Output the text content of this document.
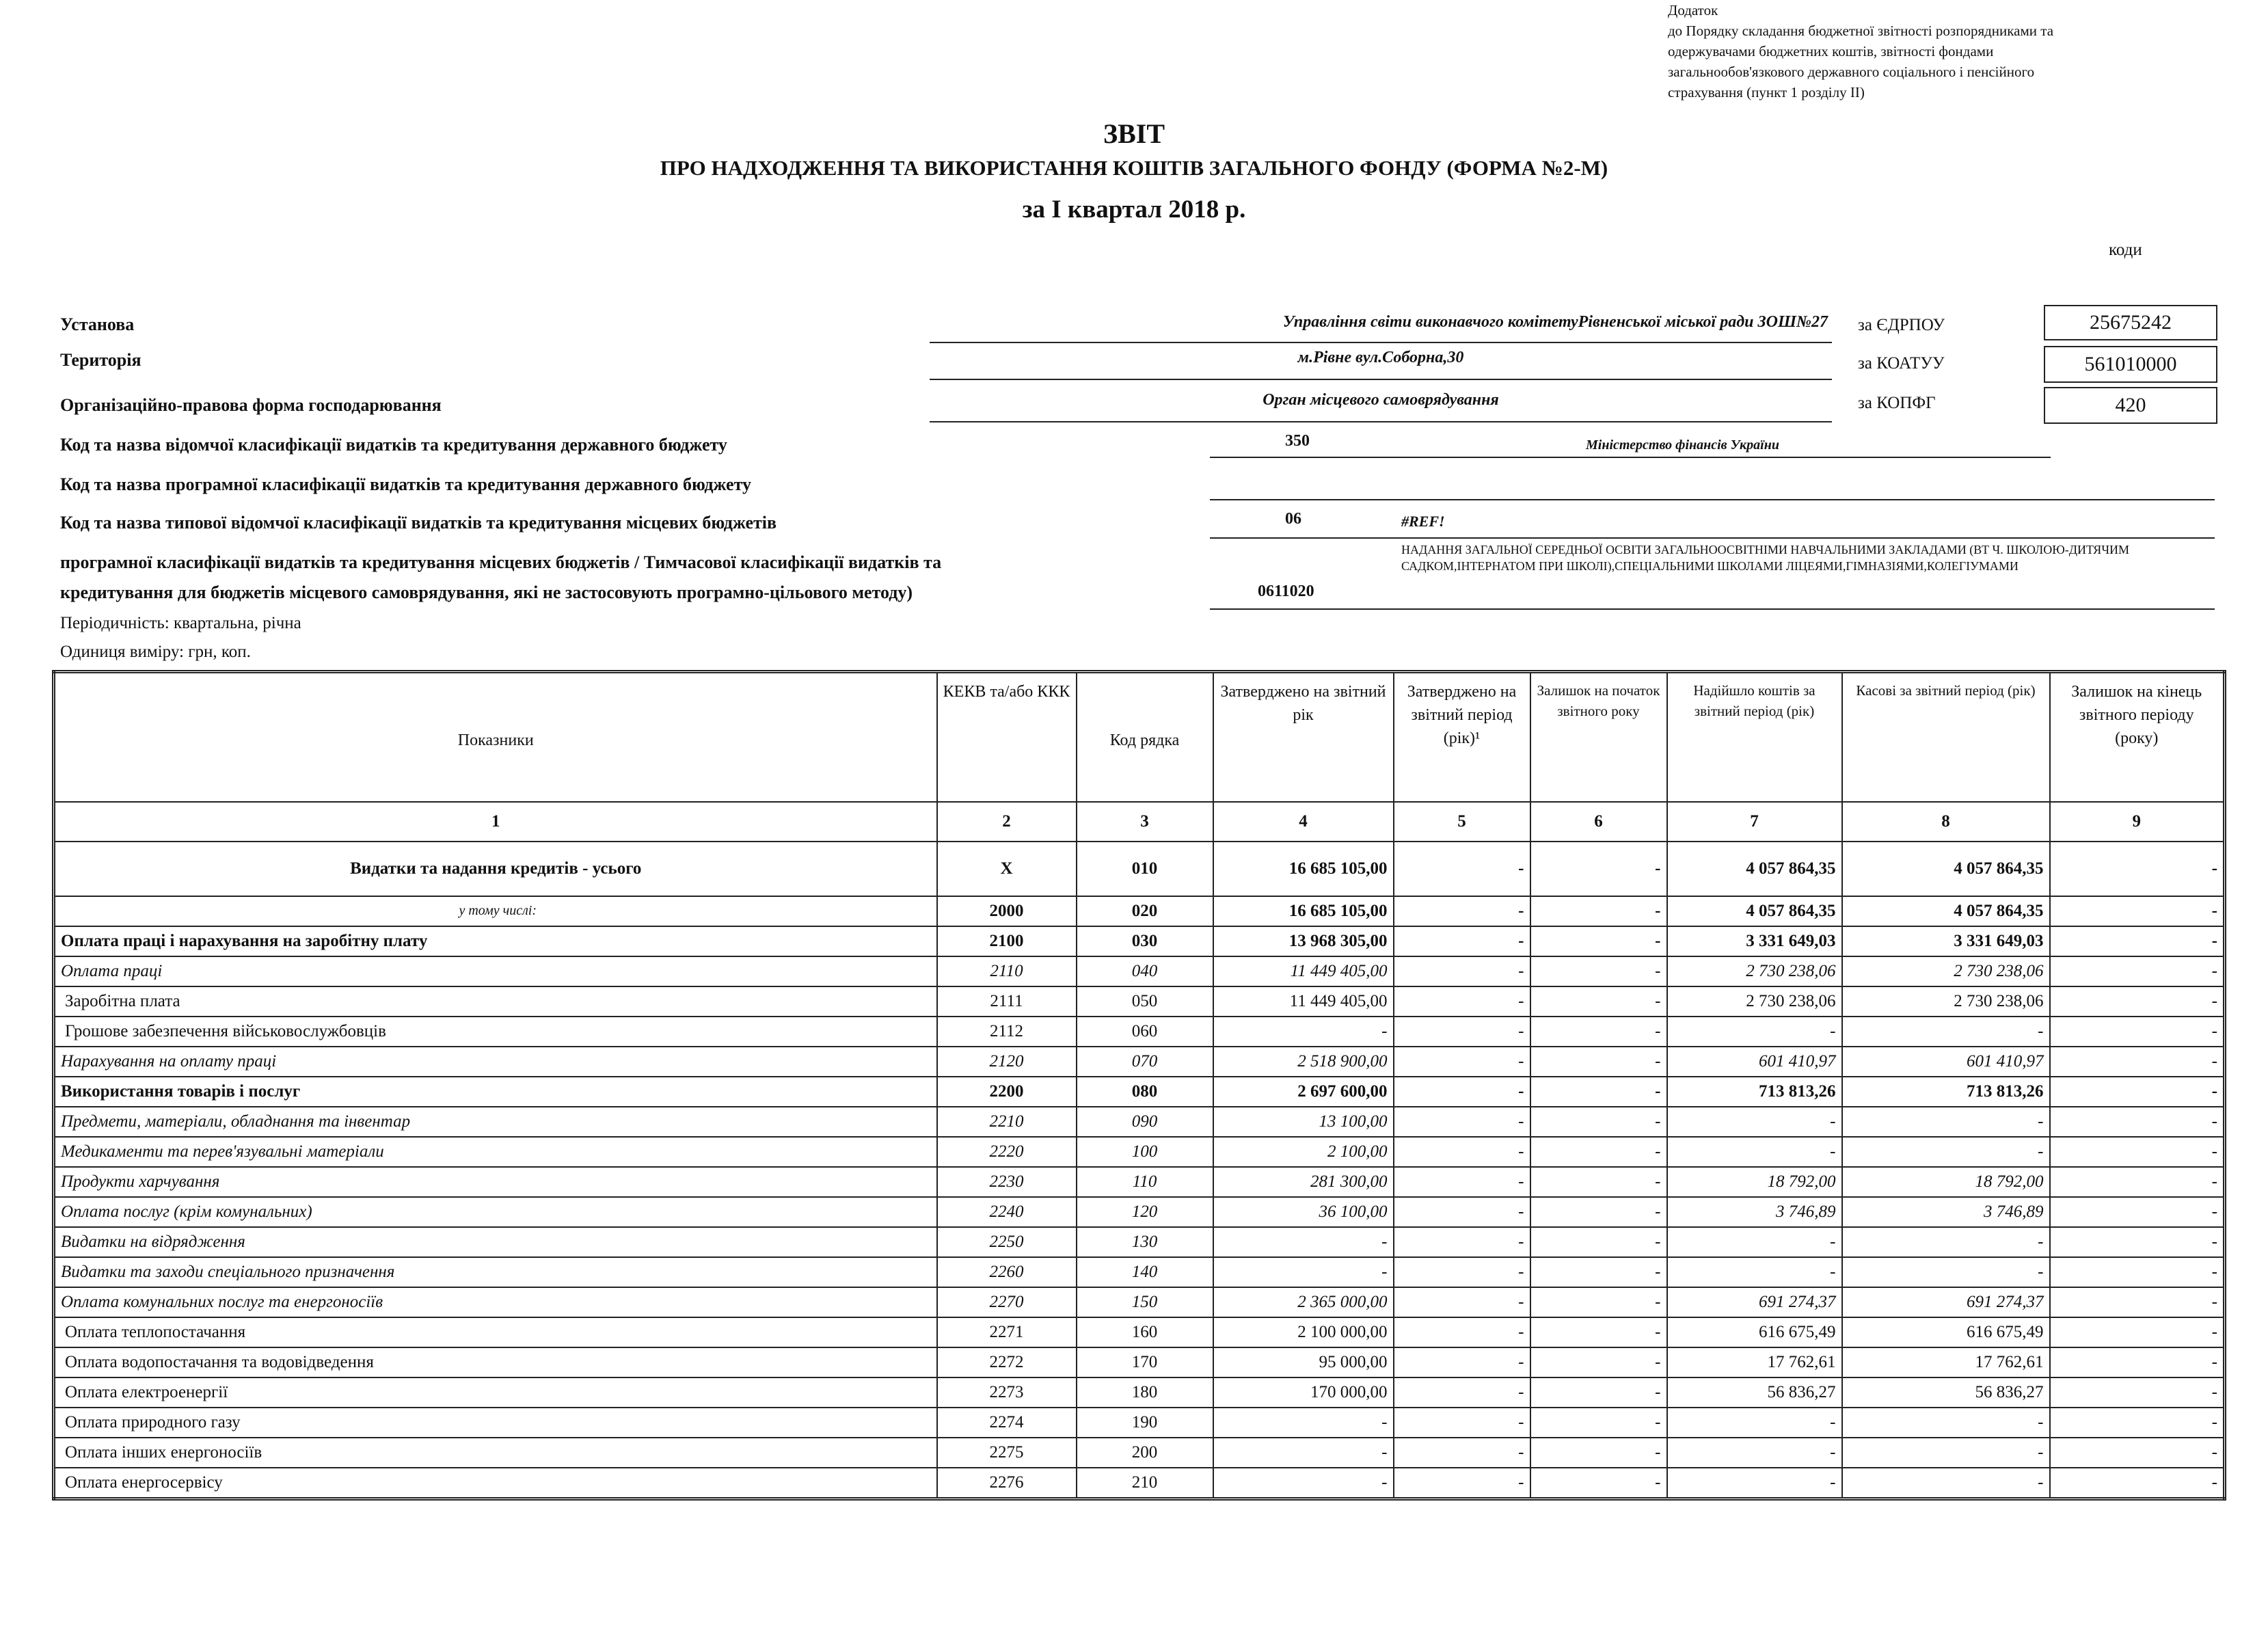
Додаток
до Порядку складання бюджетної звітності розпорядниками та
одержувачами бюджетних коштів, звітності фондами
загальнообов'язкового державного соціального і пенсійного
страхування (пункт 1 розділу II)
ЗВІТ
ПРО НАДХОДЖЕННЯ ТА ВИКОРИСТАННЯ КОШТІВ ЗАГАЛЬНОГО ФОНДУ (ФОРМА №2-М)
за I квартал 2018 р.
коди
Установа	Управління світи виконавчого комітетуРівненської міської ради ЗОШ№27 за ЄДРПОУ	25675242
Територія	м.Рівне вул.Соборна,30	за КОАТУУ	561010000
Організаційно-правова форма господарювання	Орган місцевого самоврядування	за КОПФГ	420
Код та назва відомчої класифікації видатків та кредитування державного бюджету	350	Міністерство фінансів України
Код та назва програмної класифікації видатків та кредитування державного бюджету
Код та назва типової відомчої класифікації видатків та кредитування місцевих бюджетів	06	#REF!
програмної класифікації видатків та кредитування місцевих бюджетів / Тимчасової класифікації видатків та
кредитування для бюджетів місцевого самоврядування, які не застосовують програмно-цільового методу)	0611020
НАДАННЯ ЗАГАЛЬНОЇ СЕРЕДНЬОЇ ОСВІТИ ЗАГАЛЬНООСВІТНІМИ НАВЧАЛЬНИМИ ЗАКЛАДАМИ (ВТ Ч. ШКОЛОЮ-ДИТЯЧИМ САДКОМ,ІНТЕРНАТОМ ПРИ ШКОЛІ),СПЕЦІАЛЬНИМИ ШКОЛАМИ ЛІЦЕЯМИ,ГІМНАЗІЯМИ,КОЛЕГІУМАМИ
Періодичність: квартальна, річна
Одиниця виміру: грн, коп.
Показники	КЕКВ та/або ККК	Код рядка	Затверджено на звітний рік	Затверджено на звітний період (рік)¹	Залишок на початок звітного року	Надійшло коштів за звітний період (рік)	Касові за звітний період (рік)	Залишок на кінець звітного періоду (року)
1	2	3	4	5	6	7	8	9
Видатки та надання кредитів - усього	X	010	16 685 105,00	-	-	4 057 864,35	4 057 864,35	-
у тому числі:	2000	020	16 685 105,00	-	-	4 057 864,35	4 057 864,35	-
Оплата праці і нарахування на заробітну плату	2100	030	13 968 305,00	-	-	3 331 649,03	3 331 649,03	-
Оплата праці	2110	040	11 449 405,00	-	-	2 730 238,06	2 730 238,06	-
Заробітна плата	2111	050	11 449 405,00	-	-	2 730 238,06	2 730 238,06	-
Грошове забезпечення військовослужбовців	2112	060	-	-	-	-	-	-
Нарахування на оплату праці	2120	070	2 518 900,00	-	-	601 410,97	601 410,97	-
Використання товарів і послуг	2200	080	2 697 600,00	-	-	713 813,26	713 813,26	-
Предмети, матеріали, обладнання та інвентар	2210	090	13 100,00	-	-	-	-	-
Медикаменти та перев'язувальні матеріали	2220	100	2 100,00	-	-	-	-	-
Продукти харчування	2230	110	281 300,00	-	-	18 792,00	18 792,00	-
Оплата послуг (крім комунальних)	2240	120	36 100,00	-	-	3 746,89	3 746,89	-
Видатки на відрядження	2250	130	-	-	-	-	-	-
Видатки та заходи спеціального призначення	2260	140	-	-	-	-	-	-
Оплата комунальних послуг та енергоносіїв	2270	150	2 365 000,00	-	-	691 274,37	691 274,37	-
Оплата теплопостачання	2271	160	2 100 000,00	-	-	616 675,49	616 675,49	-
Оплата водопостачання та водовідведення	2272	170	95 000,00	-	-	17 762,61	17 762,61	-
Оплата електроенергії	2273	180	170 000,00	-	-	56 836,27	56 836,27	-
Оплата природного газу	2274	190	-	-	-	-	-	-
Оплата інших енергоносіїв	2275	200	-	-	-	-	-	-
Оплата енергосервісу	2276	210	-	-	-	-	-	-
